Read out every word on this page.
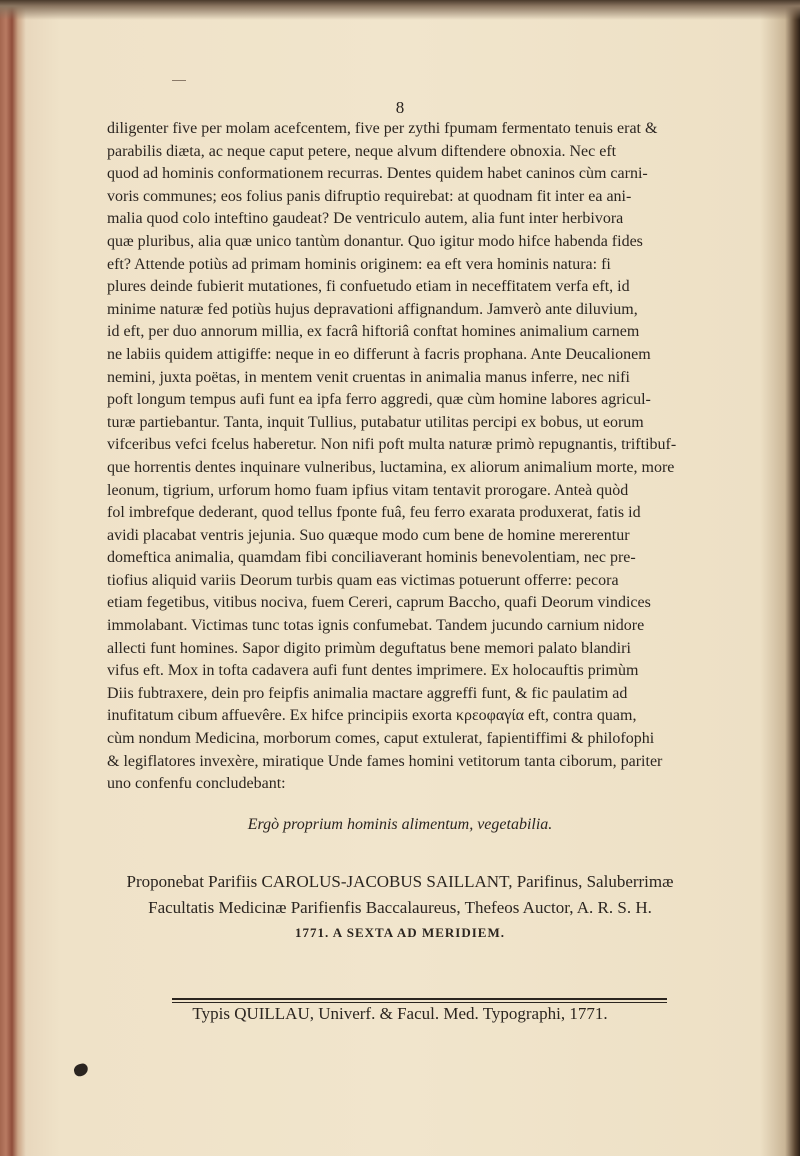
8
diligenter five per molam acefcentem, five per zythi fpumam fermentato tenuis erat &
parabilis diæta, ac neque caput petere, neque alvum diftendere obnoxia. Nec eft
quod ad hominis conformationem recurras. Dentes quidem habet caninos cùm carni-
voris communes; eos folius panis difruptio requirebat: at quodnam fit inter ea ani-
malia quod colo inteftino gaudeat? De ventriculo autem, alia funt inter herbivora
quæ pluribus, alia quæ unico tantùm donantur. Quo igitur modo hifce habenda fides
eft? Attende potiùs ad primam hominis originem: ea eft vera hominis natura: fi
plures deinde fubierit mutationes, fi confuetudo etiam in neceffitatem verfa eft, id
minime naturæ fed potiùs hujus depravationi affignandum. Jamverò ante diluvium,
id eft, per duo annorum millia, ex facrâ hiftoriâ conftat homines animalium carnem
ne labiis quidem attigiffe: neque in eo differunt à facris prophana. Ante Deucalionem
nemini, juxta poëtas, in mentem venit cruentas in animalia manus inferre, nec nifi
poft longum tempus aufi funt ea ipfa ferro aggredi, quæ cùm homine labores agricul-
turæ partiebantur. Tanta, inquit Tullius, putabatur utilitas percipi ex bobus, ut eorum
vifceribus vefci fcelus haberetur. Non nifi poft multa naturæ primò repugnantis, triftibuf-
que horrentis dentes inquinare vulneribus, luctamina, ex aliorum animalium morte, more
leonum, tigrium, urforum homo fuam ipfius vitam tentavit prorogare. Anteà quòd
fol imbrefque dederant, quod tellus fponte fuâ, feu ferro exarata produxerat, fatis id
avidi placabat ventris jejunia. Suo quæque modo cum bene de homine mererentur
domeftica animalia, quamdam fibi conciliaverant hominis benevolentiam, nec pre-
tiofius aliquid variis Deorum turbis quam eas victimas potuerunt offerre: pecora
etiam fegetibus, vitibus nociva, fuem Cereri, caprum Baccho, quafi Deorum vindices
immolabant. Victimas tunc totas ignis confumebat. Tandem jucundo carnium nidore
allecti funt homines. Sapor digito primùm deguftatus bene memori palato blandiri
vifus eft. Mox in tofta cadavera aufi funt dentes imprimere. Ex holocauftis primùm
Diis fubtraxere, dein pro feipfis animalia mactare aggreffi funt, & fic paulatim ad
inufitatum cibum affuevêre. Ex hifce principiis exorta κρεοφαγία eft, contra quam,
cùm nondum Medicina, morborum comes, caput extulerat, fapientiffimi & philofophi
& legiflatores invexère, miratique Unde fames homini vetitorum tanta ciborum, pariter
uno confenfu concludebant:
Ergò proprium hominis alimentum, vegetabilia.
Proponebat Parifiis CAROLUS-JACOBUS SAILLANT, Parifinus, Saluberrimæ
Facultatis Medicinæ Parifienfis Baccalaureus, Thefeos Auctor, A. R. S. H.
1771. A SEXTA AD MERIDIEM.
Typis QUILLAU, Univerf. & Facul. Med. Typographi, 1771.
